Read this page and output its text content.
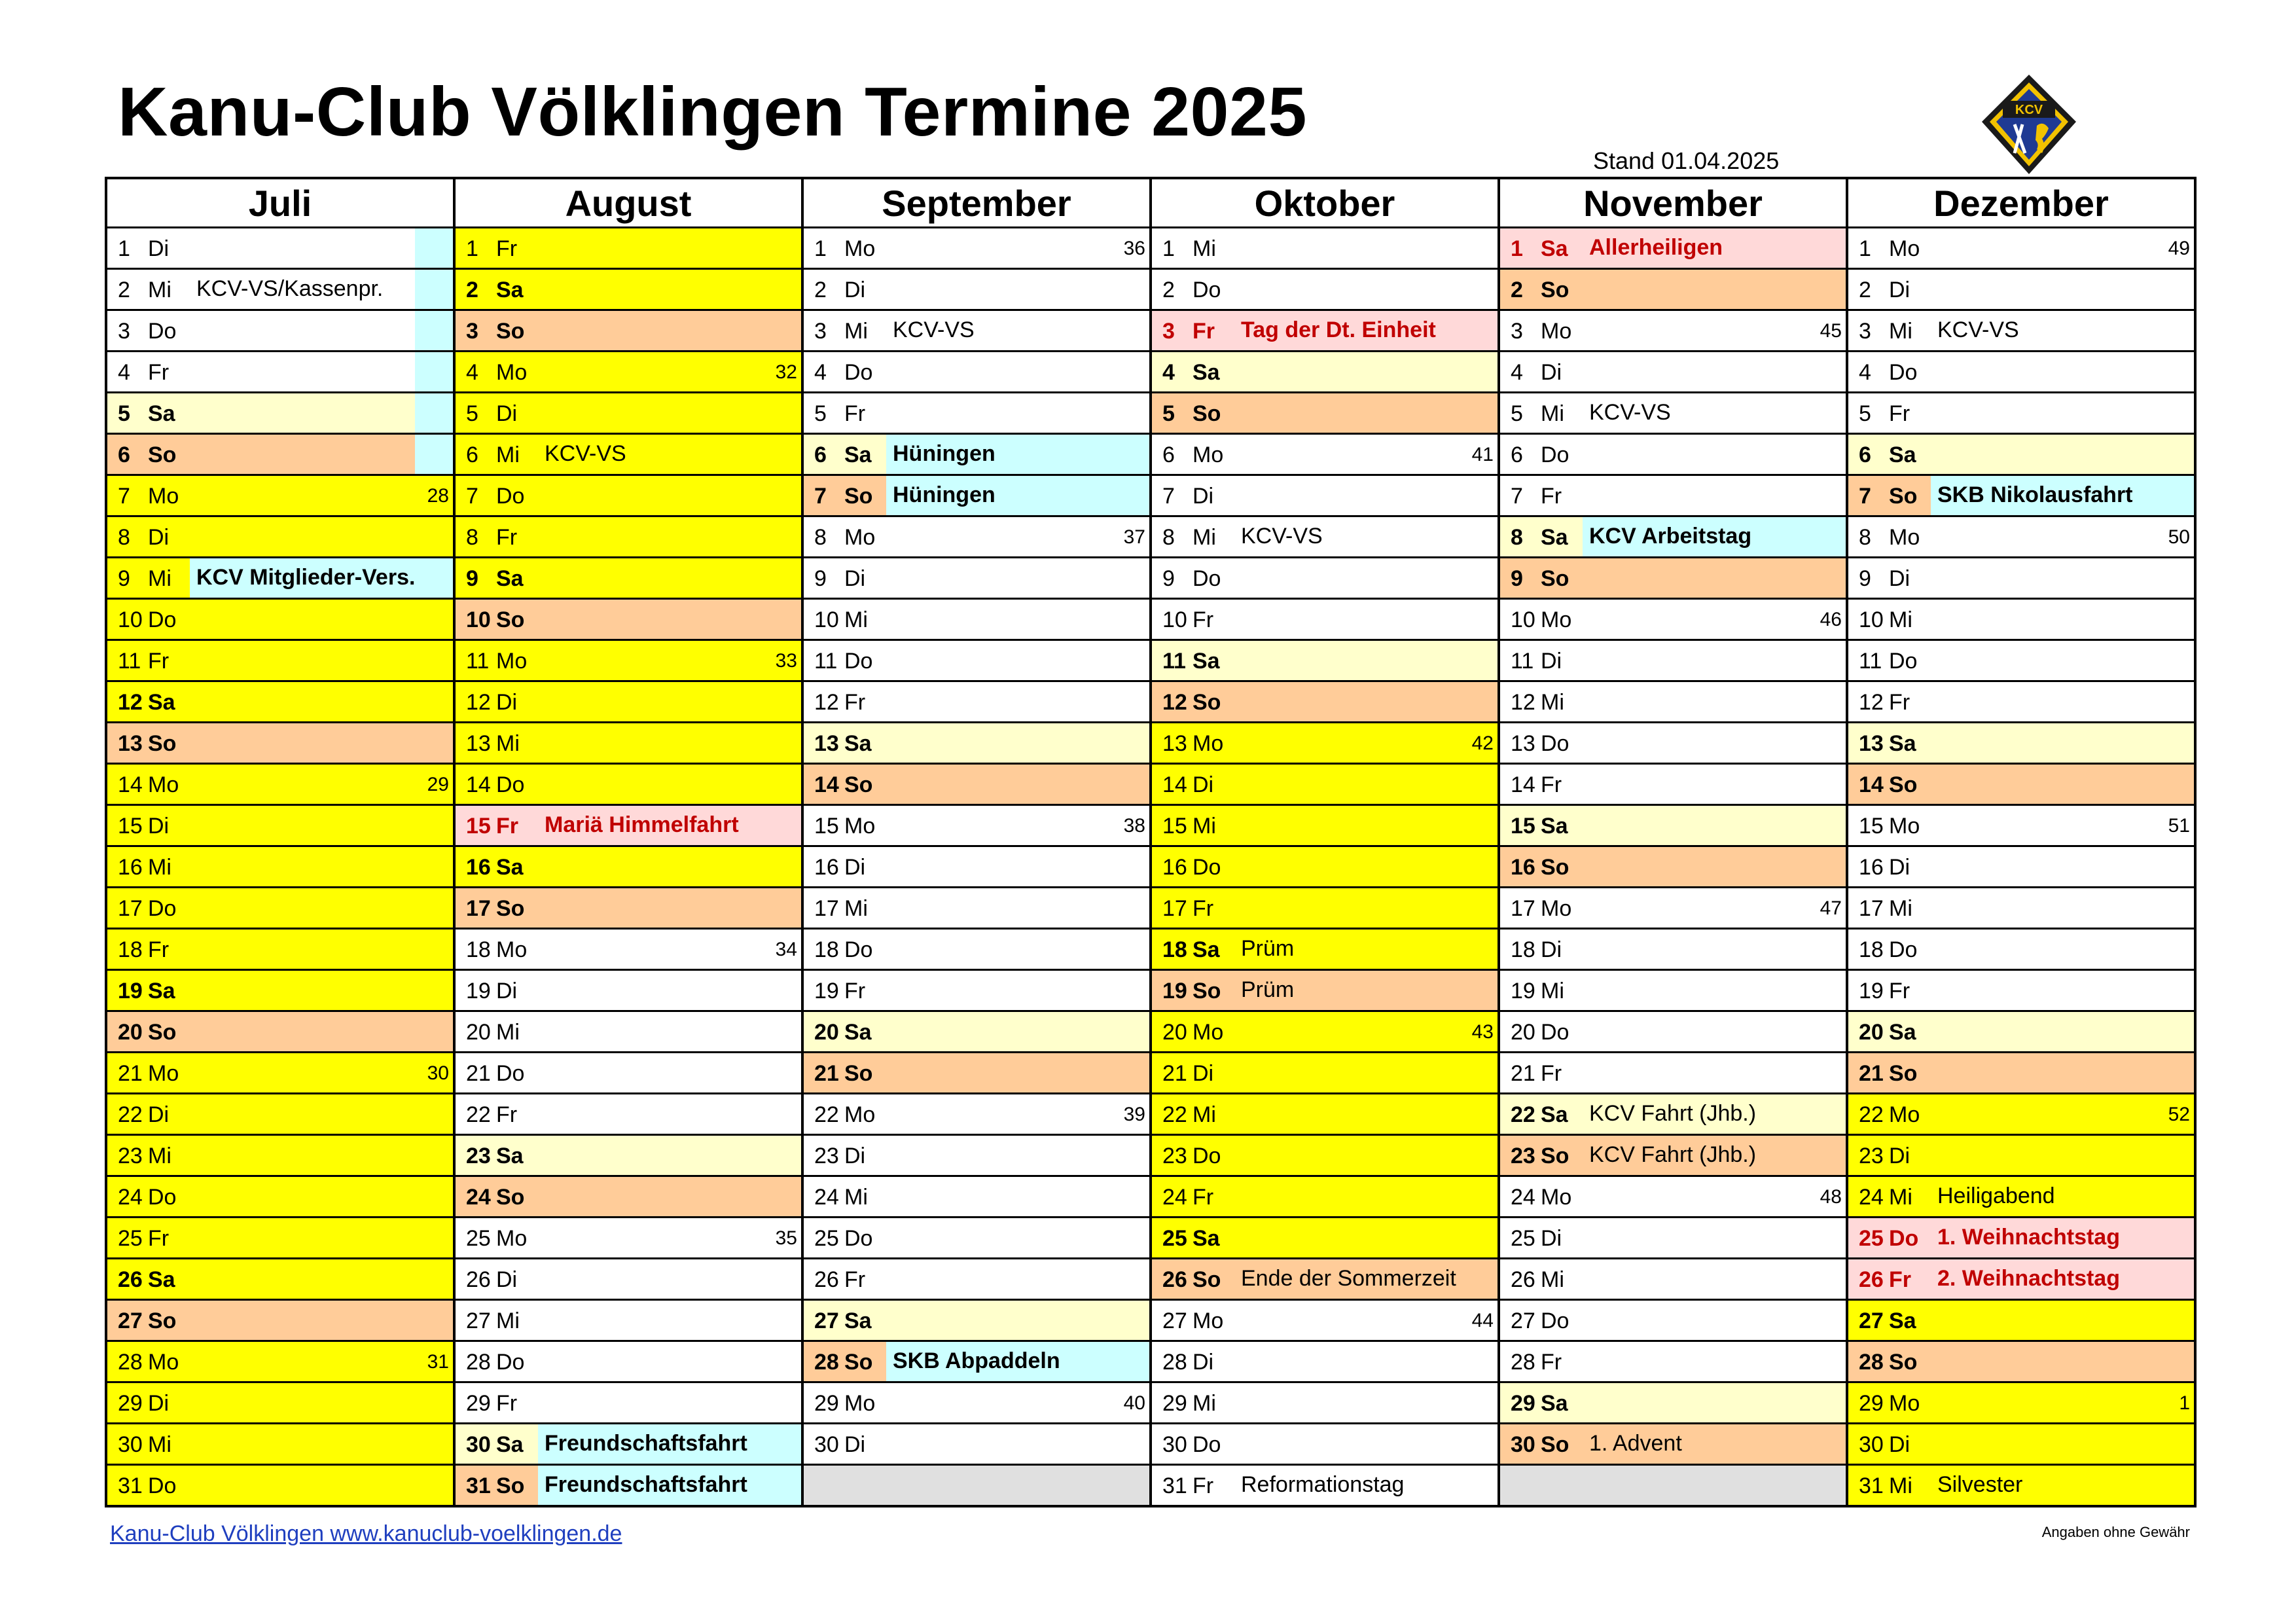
Kanu-Club Völklingen Termine 2025
Stand 01.04.2025
KCV
Juli	August	September	Oktober	November	Dezember

1 Di	1 Fr	1 Mo 36	1 Mi	1 Sa Allerheiligen	1 Mo 49

2 Mi KCV-VS/Kassenpr.	2 Sa	2 Di	2 Do	2 So	2 Di

3 Do	3 So	3 Mi KCV-VS	3 Fr Tag der Dt. Einheit	3 Mo 45	3 Mi KCV-VS

4 Fr	4 Mo 32	4 Do	4 Sa	4 Di	4 Do

5 Sa	5 Di	5 Fr	5 So	5 Mi KCV-VS	5 Fr

6 So	6 Mi KCV-VS	6 Sa Hüningen	6 Mo 41	6 Do	6 Sa

7 Mo 28	7 Do	7 So Hüningen	7 Di	7 Fr	7 So SKB Nikolausfahrt

8 Di	8 Fr	8 Mo 37	8 Mi KCV-VS	8 Sa KCV Arbeitstag	8 Mo 50

9 Mi KCV Mitglieder-Vers.	9 Sa	9 Di	9 Do	9 So	9 Di

10 Do	10 So	10 Mi	10 Fr	10 Mo 46	10 Mi

11 Fr	11 Mo 33	11 Do	11 Sa	11 Di	11 Do

12 Sa	12 Di	12 Fr	12 So	12 Mi	12 Fr

13 So	13 Mi	13 Sa	13 Mo 42	13 Do	13 Sa

14 Mo 29	14 Do	14 So	14 Di	14 Fr	14 So

15 Di	15 Fr Mariä Himmelfahrt	15 Mo 38	15 Mi	15 Sa	15 Mo 51

16 Mi	16 Sa	16 Di	16 Do	16 So	16 Di

17 Do	17 So	17 Mi	17 Fr	17 Mo 47	17 Mi

18 Fr	18 Mo 34	18 Do	18 Sa Prüm	18 Di	18 Do

19 Sa	19 Di	19 Fr	19 So Prüm	19 Mi	19 Fr

20 So	20 Mi	20 Sa	20 Mo 43	20 Do	20 Sa

21 Mo 30	21 Do	21 So	21 Di	21 Fr	21 So

22 Di	22 Fr	22 Mo 39	22 Mi	22 Sa KCV Fahrt (Jhb.)	22 Mo 52

23 Mi	23 Sa	23 Di	23 Do	23 So KCV Fahrt (Jhb.)	23 Di

24 Do	24 So	24 Mi	24 Fr	24 Mo 48	24 Mi Heiligabend

25 Fr	25 Mo 35	25 Do	25 Sa	25 Di	25 Do 1. Weihnachtstag

26 Sa	26 Di	26 Fr	26 So Ende der Sommerzeit	26 Mi	26 Fr 2. Weihnachtstag

27 So	27 Mi	27 Sa	27 Mo 44	27 Do	27 Sa

28 Mo 31	28 Do	28 So SKB Abpaddeln	28 Di	28 Fr	28 So

29 Di	29 Fr	29 Mo 40	29 Mi	29 Sa	29 Mo 1

30 Mi	30 Sa Freundschaftsfahrt	30 Di	30 Do	30 So 1. Advent	30 Di

31 Do	31 So Freundschaftsfahrt		31 Fr Reformationstag		31 Mi Silvester
Kanu-Club Völklingen www.kanuclub-voelklingen.de	Angaben ohne Gewähr
